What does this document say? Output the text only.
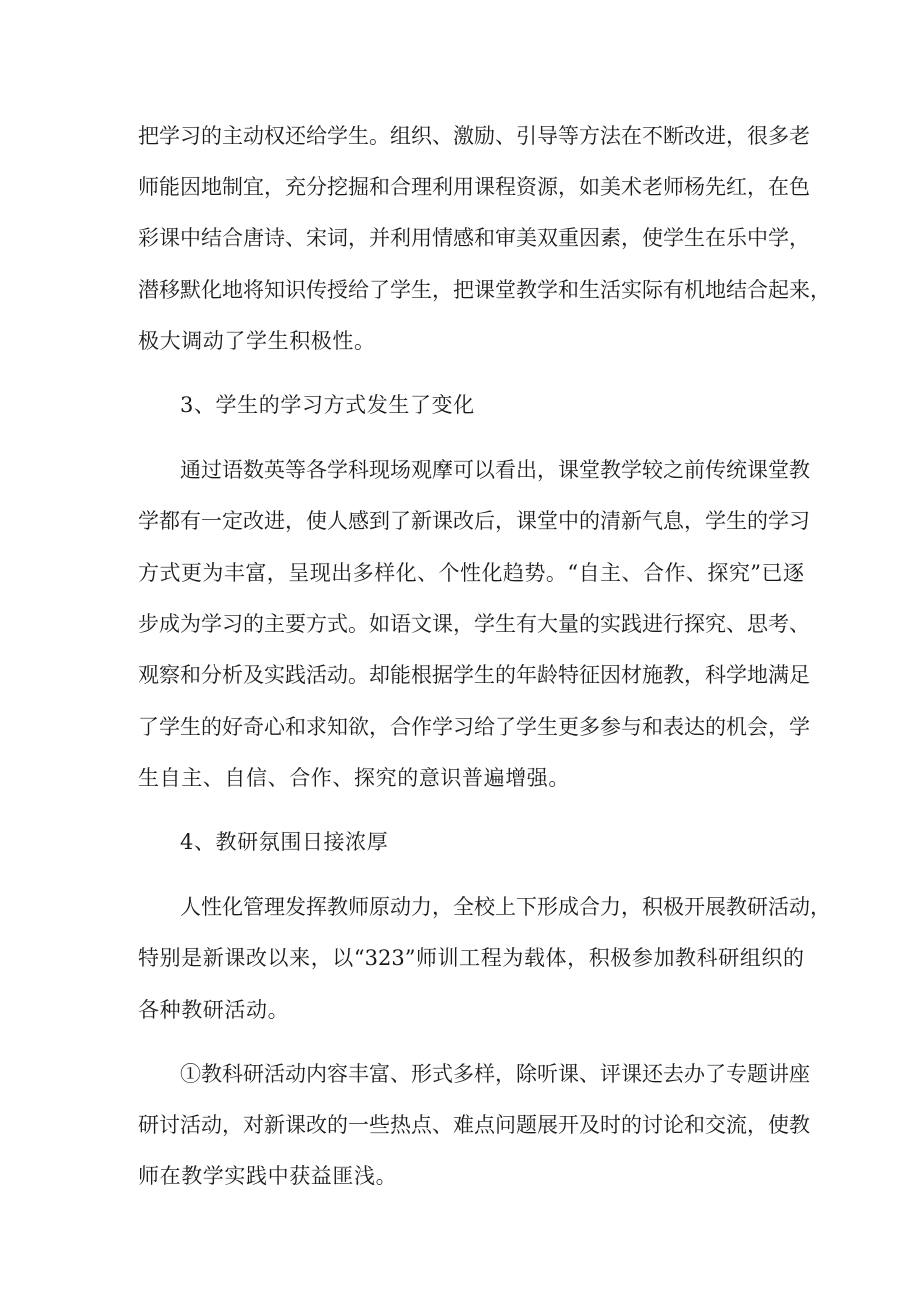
把学习的主动权还给学生。组织、激励、引导等方法在不断改进，很多老
师能因地制宜，充分挖掘和合理利用课程资源，如美术老师杨先红，在色
彩课中结合唐诗、宋词，并利用情感和审美双重因素，使学生在乐中学，
潜移默化地将知识传授给了学生，把课堂教学和生活实际有机地结合起来，
极大调动了学生积极性。
3、学生的学习方式发生了变化
通过语数英等各学科现场观摩可以看出，课堂教学较之前传统课堂教
学都有一定改进，使人感到了新课改后，课堂中的清新气息，学生的学习
方式更为丰富，呈现出多样化、个性化趋势。“自主、合作、探究”已逐
步成为学习的主要方式。如语文课，学生有大量的实践进行探究、思考、
观察和分析及实践活动。却能根据学生的年龄特征因材施教，科学地满足
了学生的好奇心和求知欲，合作学习给了学生更多参与和表达的机会，学
生自主、自信、合作、探究的意识普遍增强。
4、教研氛围日接浓厚
人性化管理发挥教师原动力，全校上下形成合力，积极开展教研活动，
特别是新课改以来，以“323”师训工程为载体，积极参加教科研组织的
各种教研活动。
①教科研活动内容丰富、形式多样，除听课、评课还去办了专题讲座
研讨活动，对新课改的一些热点、难点问题展开及时的讨论和交流，使教
师在教学实践中获益匪浅。
